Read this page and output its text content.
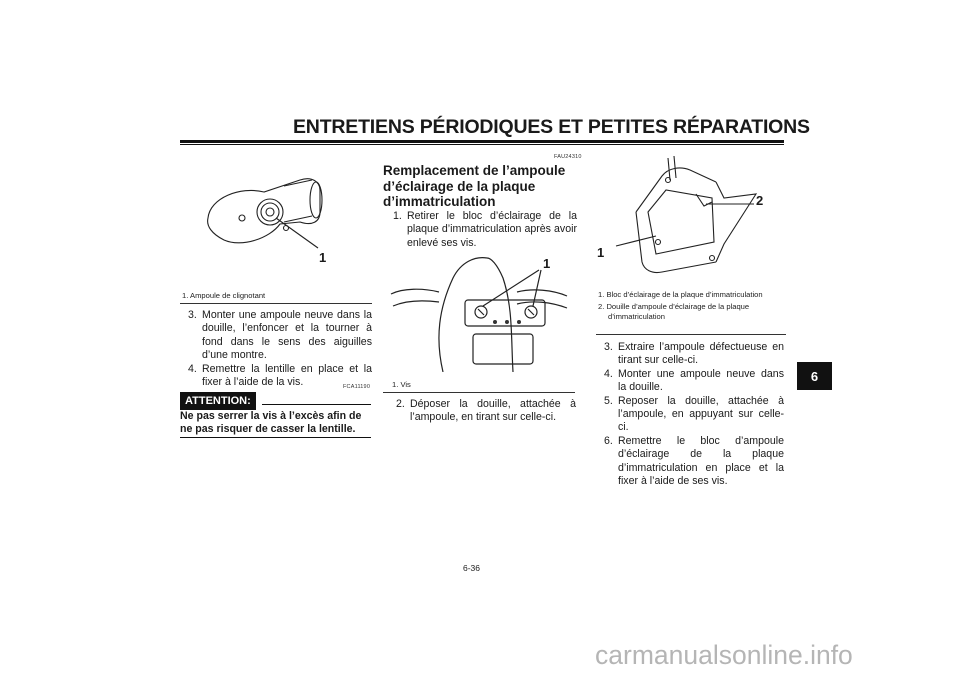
ENTRETIENS PÉRIODIQUES ET PETITES RÉPARATIONS
1
1. Ampoule de clignotant
3. Monter une ampoule neuve dans la douille, l’enfoncer et la tourner à fond dans le sens des aiguilles d’une montre.
4. Remettre la lentille en place et la fixer à l’aide de la vis.	FCA11190
ATTENTION:
Ne pas serrer la vis à l’excès afin de ne pas risquer de casser la lentille.
FAU24310
Remplacement de l’ampoule d’éclairage de la plaque d’immatriculation
1. Retirer le bloc d’éclairage de la plaque d’immatriculation après avoir enlevé ses vis.
1
1. Vis
2. Déposer la douille, attachée à l’ampoule, en tirant sur celle-ci.
2
1
1. Bloc d’éclairage de la plaque d’immatriculation
2. Douille d’ampoule d’éclairage de la plaque d’immatriculation
3. Extraire l’ampoule défectueuse en tirant sur celle-ci.
4. Monter une ampoule neuve dans la douille.
5. Reposer la douille, attachée à l’ampoule, en appuyant sur celle-ci.
6. Remettre le bloc d’ampoule d’éclairage de la plaque d’immatriculation en place et la fixer à l’aide de ses vis.
6
6-36
carmanualsonline.info
